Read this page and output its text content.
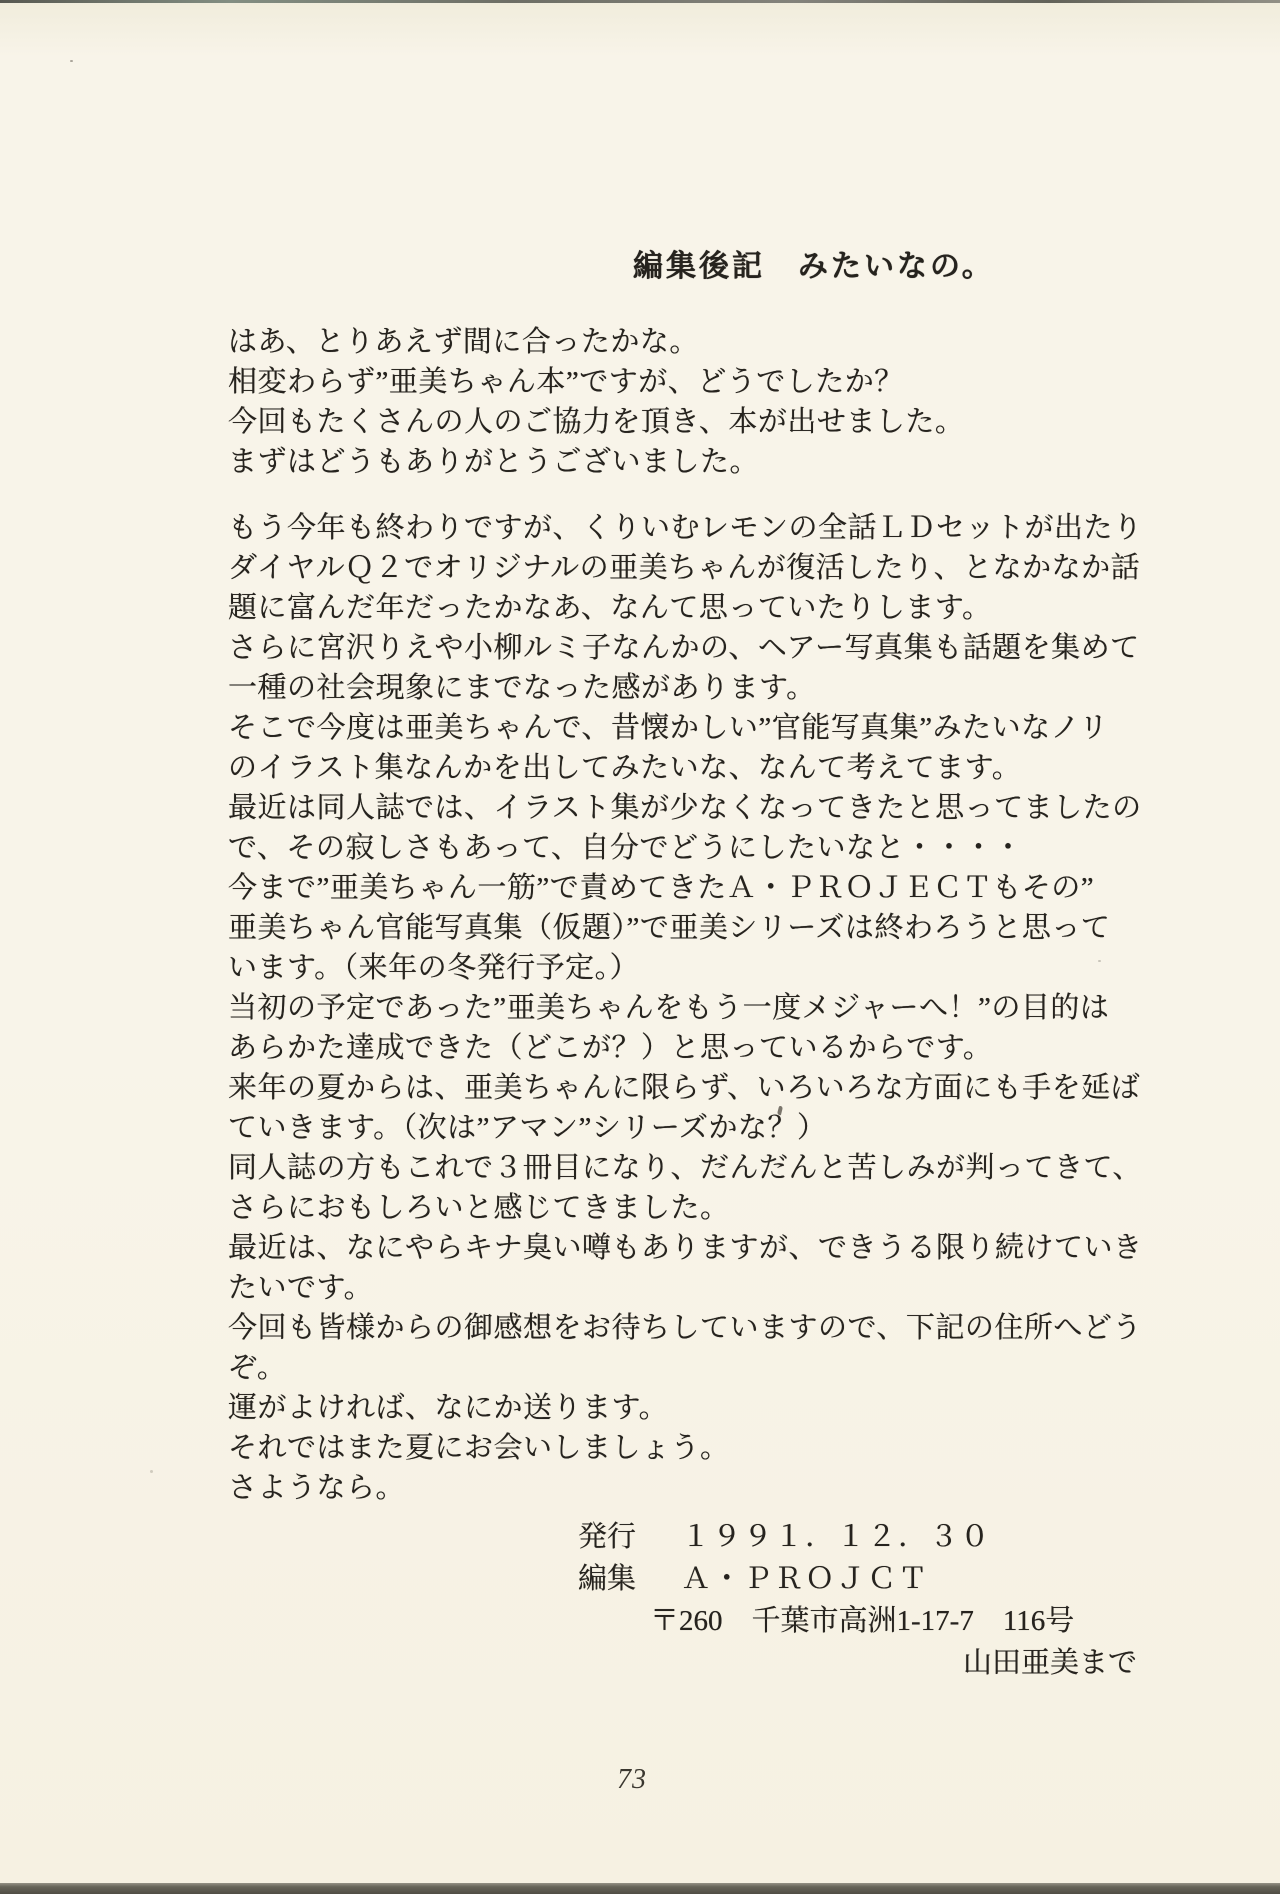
編集後記　みたいなの。
はあ、とりあえず間に合ったかな。
相変わらず”亜美ちゃん本”ですが、どうでしたか？
今回もたくさんの人のご協力を頂き、本が出せました。
まずはどうもありがとうございました。
もう今年も終わりですが、くりいむレモンの全話ＬＤセットが出たり
ダイヤルＱ２でオリジナルの亜美ちゃんが復活したり、となかなか話
題に富んだ年だったかなあ、なんて思っていたりします。
さらに宮沢りえや小柳ルミ子なんかの、ヘアー写真集も話題を集めて
一種の社会現象にまでなった感があります。
そこで今度は亜美ちゃんで、昔懐かしい”官能写真集”みたいなノリ
のイラスト集なんかを出してみたいな、なんて考えてます。
最近は同人誌では、イラスト集が少なくなってきたと思ってましたの
で、その寂しさもあって、自分でどうにしたいなと・・・・
今まで”亜美ちゃん一筋”で責めてきたＡ・ＰＲＯＪＥＣＴもその”
亜美ちゃん官能写真集（仮題）”で亜美シリーズは終わろうと思って
います。（来年の冬発行予定。）
当初の予定であった”亜美ちゃんをもう一度メジャーへ！”の目的は
あらかた達成できた（どこが？）と思っているからです。
来年の夏からは、亜美ちゃんに限らず、いろいろな方面にも手を延ば
ていきます。（次は”アマン”シリーズかな？）
同人誌の方もこれで３冊目になり、だんだんと苦しみが判ってきて、
さらにおもしろいと感じてきました。
最近は、なにやらキナ臭い噂もありますが、できうる限り続けていき
たいです。
今回も皆様からの御感想をお待ちしていますので、下記の住所へどう
ぞ。
運がよければ、なにか送ります。
それではまた夏にお会いしましょう。
さようなら。
発行 １９９１．１２．３０
編集 Ａ・ＰＲＯＪＣＴ
〒260　千葉市高洲1-17-7　116号
山田亜美まで
73
